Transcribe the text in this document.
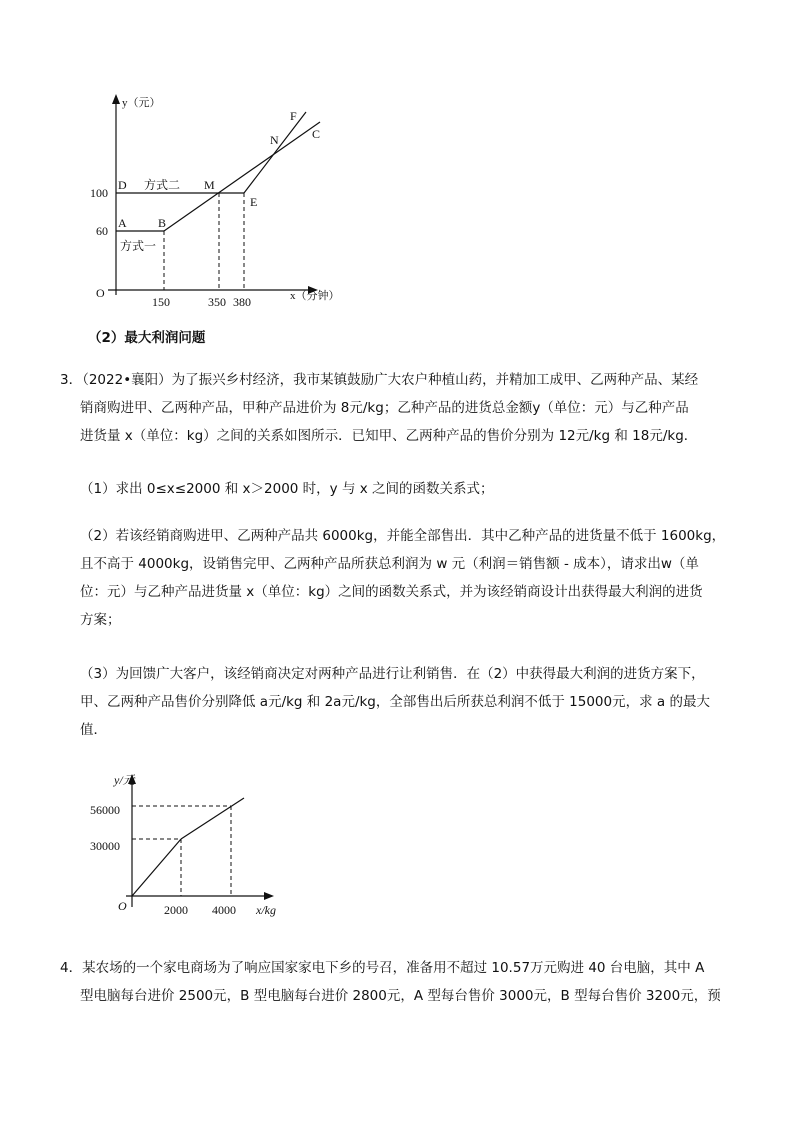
y（元）
x（分钟）
O
100
60
150	350 380
A	B
D	M
E
N
F
C
方式二
方式一
（2）最大利润问题
3．（2022•襄阳）为了振兴乡村经济，我市某镇鼓励广大农户种植山药，并精加工成甲、乙两种产品、某经
销商购进甲、乙两种产品，甲种产品进价为 8元/kg；乙种产品的进货总金额y（单位：元）与乙种产品
进货量 x（单位：kg）之间的关系如图所示．已知甲、乙两种产品的售价分别为 12元/kg 和 18元/kg．
（1）求出 0≤x≤2000 和 x＞2000 时，y 与 x 之间的函数关系式；
（2）若该经销商购进甲、乙两种产品共 6000kg，并能全部售出．其中乙种产品的进货量不低于 1600kg，
且不高于 4000kg，设销售完甲、乙两种产品所获总利润为 w 元（利润＝销售额 - 成本），请求出w（单
位：元）与乙种产品进货量 x（单位：kg）之间的函数关系式，并为该经销商设计出获得最大利润的进货
方案；
（3）为回馈广大客户，该经销商决定对两种产品进行让利销售．在（2）中获得最大利润的进货方案下，
甲、乙两种产品售价分别降低 a元/kg 和 2a元/kg，全部售出后所获总利润不低于 15000元，求 a 的最大
值．
y/元
x/kg
O
56000
30000
2000 4000
4．某农场的一个家电商场为了响应国家家电下乡的号召，准备用不超过 10.57万元购进 40 台电脑，其中 A
型电脑每台进价 2500元，B 型电脑每台进价 2800元，A 型每台售价 3000元，B 型每台售价 3200元，预
